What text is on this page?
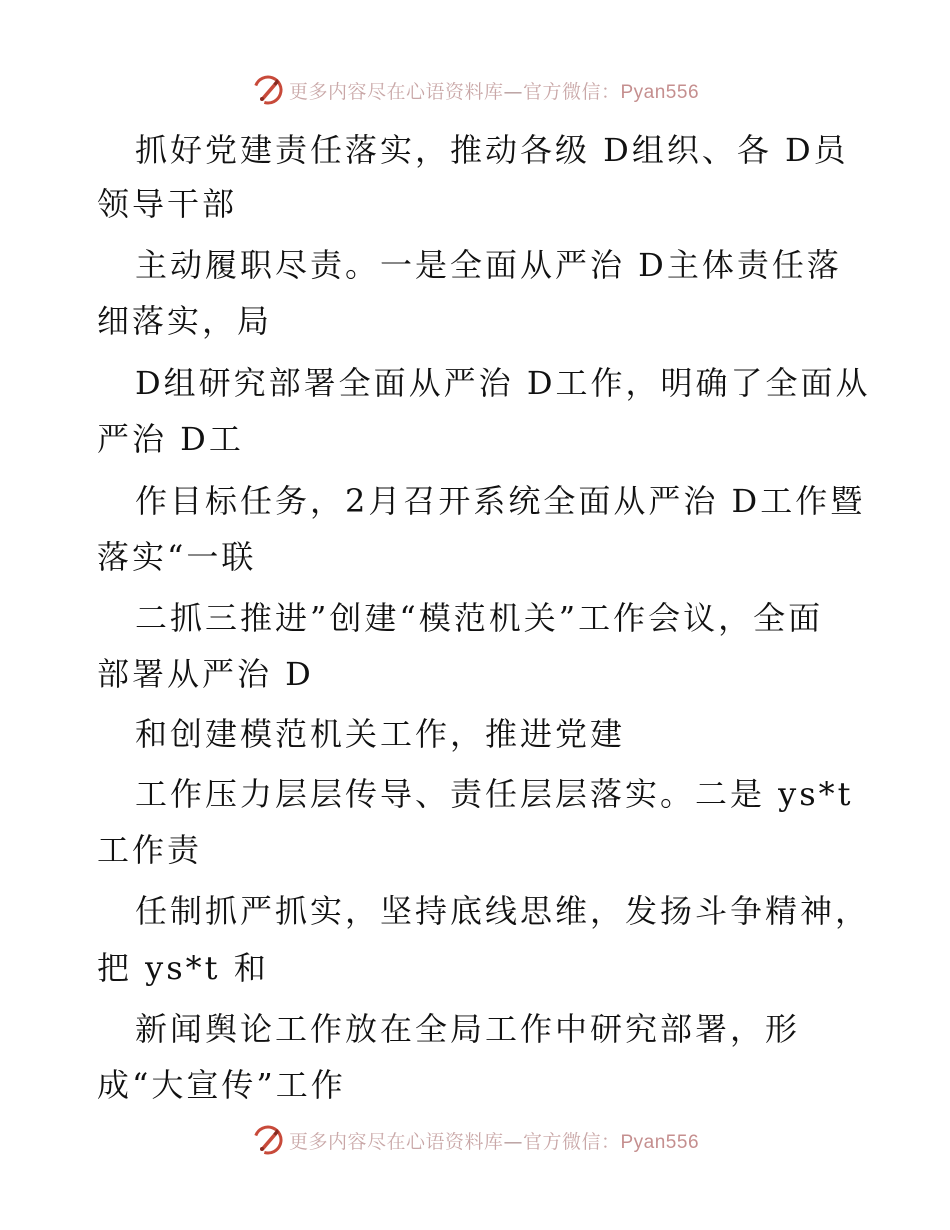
更多内容尽在心语资料库—官方微信：Pyan556
抓好党建责任落实，推动各级 D组织、各 D员
领导干部
主动履职尽责。一是全面从严治 D主体责任落
细落实，局
D组研究部署全面从严治 D工作，明确了全面从
严治 D工
作目标任务，2月召开系统全面从严治 D工作暨
落实“一联
二抓三推进”创建“模范机关”工作会议，全面
部署从严治 D
和创建模范机关工作，推进党建
工作压力层层传导、责任层层落实。二是 ys*t
工作责
任制抓严抓实，坚持底线思维，发扬斗争精神，
把 ys*t 和
新闻舆论工作放在全局工作中研究部署，形
成“大宣传”工作
更多内容尽在心语资料库—官方微信：Pyan556
